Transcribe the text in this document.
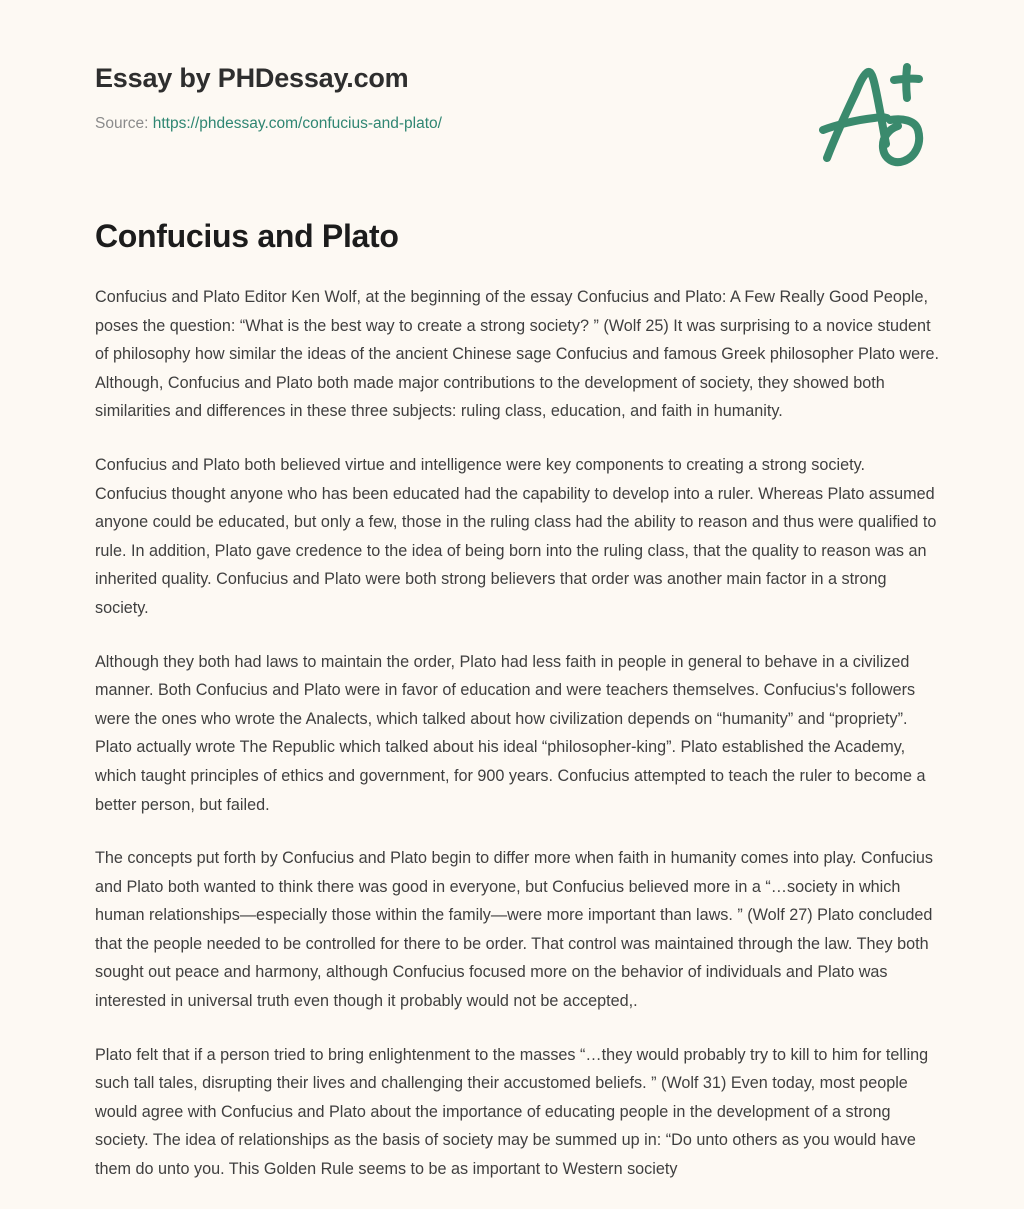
Essay by PHDessay.com
Source: https://phdessay.com/confucius-and-plato/
Confucius and Plato

Confucius and Plato Editor Ken Wolf, at the beginning of the essay Confucius and Plato: A Few Really Good People, poses the question: “What is the best way to create a strong society? ” (Wolf 25) It was surprising to a novice student of philosophy how similar the ideas of the ancient Chinese sage Confucius and famous Greek philosopher Plato were. Although, Confucius and Plato both made major contributions to the development of society, they showed both similarities and differences in these three subjects: ruling class, education, and faith in humanity.

Confucius and Plato both believed virtue and intelligence were key components to creating a strong society. Confucius thought anyone who has been educated had the capability to develop into a ruler. Whereas Plato assumed anyone could be educated, but only a few, those in the ruling class had the ability to reason and thus were qualified to rule. In addition, Plato gave credence to the idea of being born into the ruling class, that the quality to reason was an inherited quality. Confucius and Plato were both strong believers that order was another main factor in a strong society.

Although they both had laws to maintain the order, Plato had less faith in people in general to behave in a civilized manner. Both Confucius and Plato were in favor of education and were teachers themselves. Confucius's followers were the ones who wrote the Analects, which talked about how civilization depends on “humanity” and “propriety”. Plato actually wrote The Republic which talked about his ideal “philosopher-king”. Plato established the Academy, which taught principles of ethics and government, for 900 years. Confucius attempted to teach the ruler to become a better person, but failed.

The concepts put forth by Confucius and Plato begin to differ more when faith in humanity comes into play. Confucius and Plato both wanted to think there was good in everyone, but Confucius believed more in a “…society in which human relationships—especially those within the family—were more important than laws. ” (Wolf 27) Plato concluded that the people needed to be controlled for there to be order. That control was maintained through the law. They both sought out peace and harmony, although Confucius focused more on the behavior of individuals and Plato was interested in universal truth even though it probably would not be accepted,.

Plato felt that if a person tried to bring enlightenment to the masses “…they would probably try to kill to him for telling such tall tales, disrupting their lives and challenging their accustomed beliefs. ” (Wolf 31) Even today, most people would agree with Confucius and Plato about the importance of educating people in the development of a strong society. The idea of relationships as the basis of society may be summed up in: “Do unto others as you would have them do unto you. This Golden Rule seems to be as important to Western society
